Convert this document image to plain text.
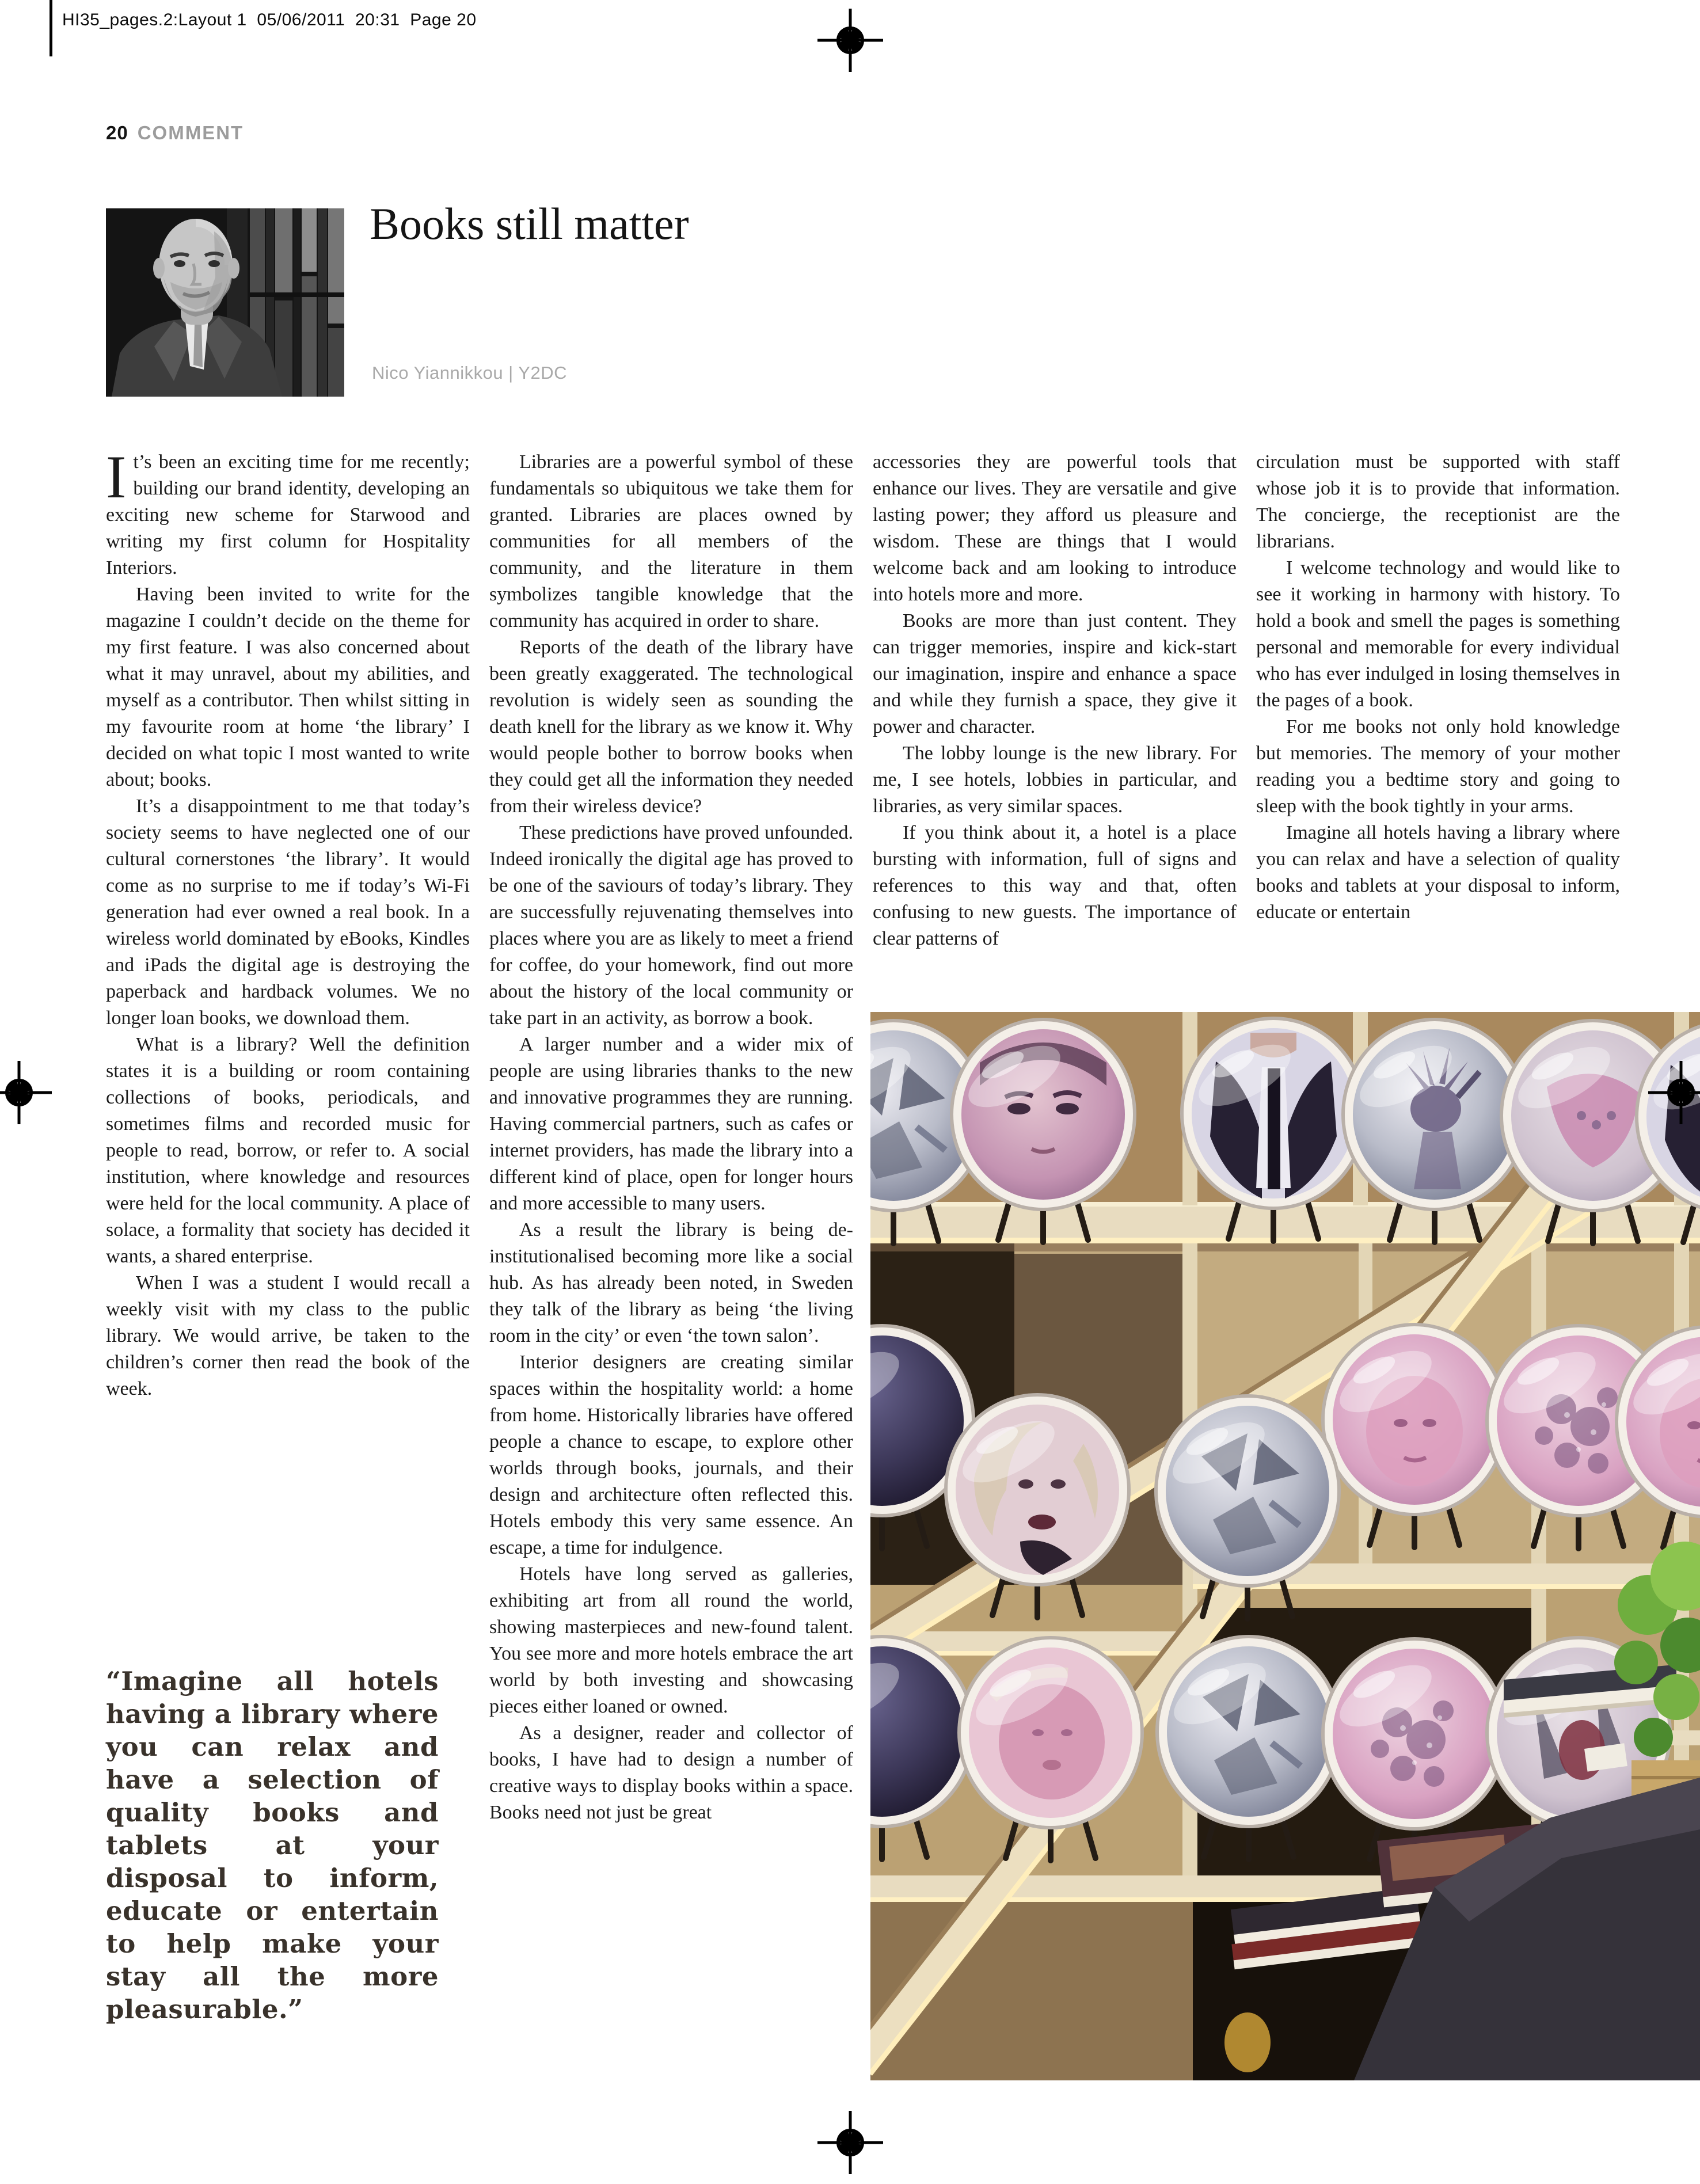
HI35_pages.2:Layout 1  05/06/2011  20:31  Page 20
20 COMMENT
Books still matter
Nico Yiannikkou | Y2DC

It’s been an exciting time for me recently; building our brand identity, developing an exciting new scheme for Starwood and writing my first column for Hospitality Interiors.

Having been invited to write for the magazine I couldn’t decide on the theme for my first feature. I was also concerned about what it may unravel, about my abilities, and myself as a contributor. Then whilst sitting in my favourite room at home ‘the library’ I decided on what topic I most wanted to write about; books.

It’s a disappointment to me that today’s society seems to have neglected one of our cultural cornerstones ‘the library’. It would come as no surprise to me if today’s Wi-Fi generation had ever owned a real book. In a wireless world dominated by eBooks, Kindles and iPads the digital age is destroying the paperback and hardback volumes. We no longer loan books, we download them.

What is a library? Well the definition states it is a building or room containing collections of books, periodicals, and sometimes films and recorded music for people to read, borrow, or refer to. A social institution, where knowledge and resources were held for the local community. A place of solace, a formality that society has decided it wants, a shared enterprise.

When I was a student I would recall a weekly visit with my class to the public library. We would arrive, be taken to the children’s corner then read the book of the week.

Libraries are a powerful symbol of these fundamentals so ubiquitous we take them for granted. Libraries are places owned by communities for all members of the community, and the literature in them symbolizes tangible knowledge that the community has acquired in order to share.

Reports of the death of the library have been greatly exaggerated. The technological revolution is widely seen as sounding the death knell for the library as we know it. Why would people bother to borrow books when they could get all the information they needed from their wireless device?

These predictions have proved unfounded. Indeed ironically the digital age has proved to be one of the saviours of today’s library. They are successfully rejuvenating themselves into places where you are as likely to meet a friend for coffee, do your homework, find out more about the history of the local community or take part in an activity, as borrow a book.

A larger number and a wider mix of people are using libraries thanks to the new and innovative programmes they are running. Having commercial partners, such as cafes or internet providers, has made the library into a different kind of place, open for longer hours and more accessible to many users.

As a result the library is being de-institutionalised becoming more like a social hub. As has already been noted, in Sweden they talk of the library as being ‘the living room in the city’ or even ‘the town salon’.

Interior designers are creating similar spaces within the hospitality world: a home from home. Historically libraries have offered people a chance to escape, to explore other worlds through books, journals, and their design and architecture often reflected this. Hotels embody this very same essence. An escape, a time for indulgence.

Hotels have long served as galleries, exhibiting art from all round the world, showing masterpieces and new-found talent. You see more and more hotels embrace the art world by both investing and showcasing pieces either loaned or owned.

As a designer, reader and collector of books, I have had to design a number of creative ways to display books within a space. Books need not just be great

accessories they are powerful tools that enhance our lives. They are versatile and give lasting power; they afford us pleasure and wisdom. These are things that I would welcome back and am looking to introduce into hotels more and more.

Books are more than just content. They can trigger memories, inspire and kick-start our imagination, inspire and enhance a space and while they furnish a space, they give it power and character.

The lobby lounge is the new library. For me, I see hotels, lobbies in particular, and libraries, as very similar spaces.

If you think about it, a hotel is a place bursting with information, full of signs and references to this way and that, often confusing to new guests. The importance of clear patterns of

circulation must be supported with staff whose job it is to provide that information. The concierge, the receptionist are the librarians.

I welcome technology and would like to see it working in harmony with history. To hold a book and smell the pages is something personal and memorable for every individual who has ever indulged in losing themselves in the pages of a book.

For me books not only hold knowledge but memories. The memory of your mother reading you a bedtime story and going to sleep with the book tightly in your arms.

Imagine all hotels having a library where you can relax and have a selection of quality books and tablets at your disposal to inform, educate or entertain

“Imagine all hotels having a library where you can relax and have a selection of quality books and tablets at your disposal to inform, educate or entertain to help make your stay all the more pleasurable.”
